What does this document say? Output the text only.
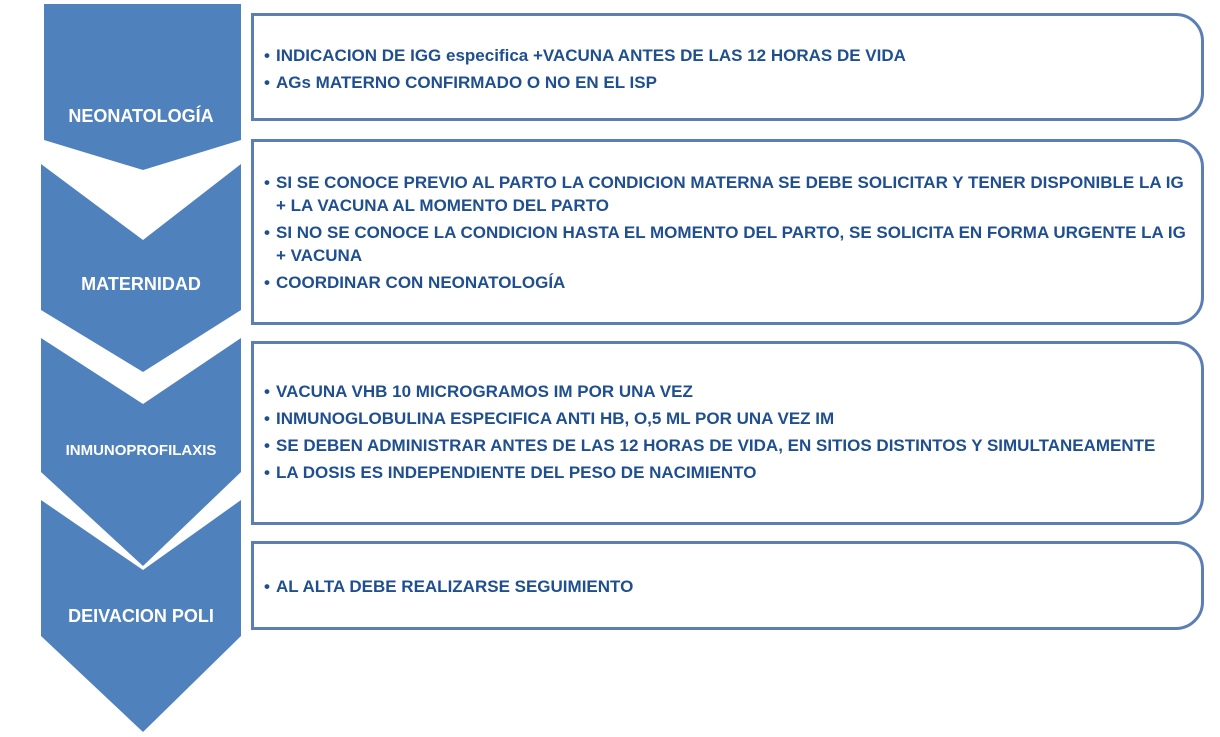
NEONATOLOGÍA
MATERNIDAD
INMUNOPROFILAXIS
DEIVACION POLI
• INDICACION DE IGG especifica +VACUNA ANTES DE LAS 12 HORAS DE VIDA
• AGs MATERNO CONFIRMADO O NO EN EL ISP
• SI SE CONOCE PREVIO AL PARTO LA CONDICION MATERNA SE DEBE SOLICITAR Y TENER DISPONIBLE LA IG + LA VACUNA AL MOMENTO DEL PARTO
• SI NO SE CONOCE LA CONDICION HASTA EL MOMENTO DEL PARTO, SE SOLICITA EN FORMA URGENTE LA IG + VACUNA
• COORDINAR CON NEONATOLOGÍA
• VACUNA VHB 10 MICROGRAMOS IM POR UNA VEZ
• INMUNOGLOBULINA ESPECIFICA ANTI HB, O,5 ML POR UNA VEZ IM
• SE DEBEN ADMINISTRAR ANTES DE LAS 12 HORAS DE VIDA, EN SITIOS DISTINTOS Y SIMULTANEAMENTE
• LA DOSIS ES INDEPENDIENTE DEL PESO DE NACIMIENTO
• AL ALTA DEBE REALIZARSE SEGUIMIENTO
